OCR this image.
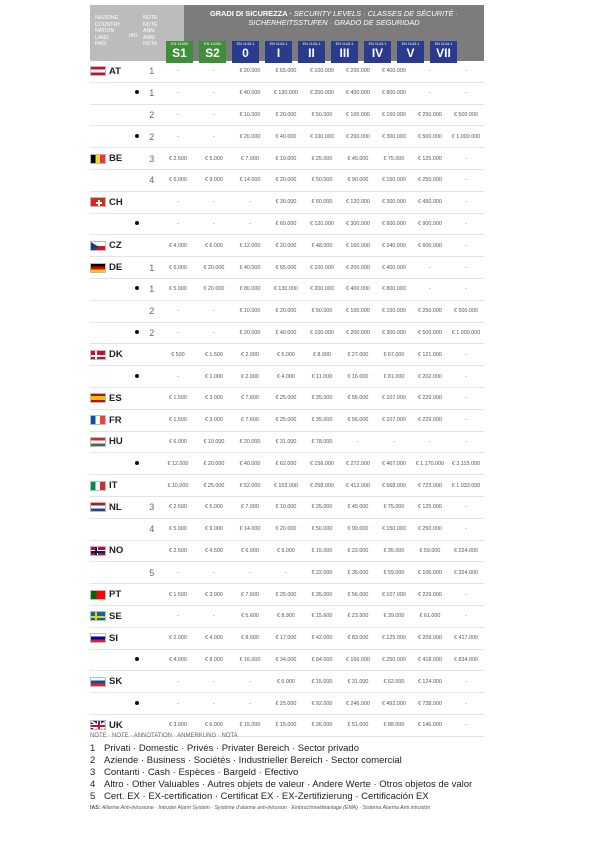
NAZIONE
COUNTRY
NATION
LAND
PAÍS
IAS
NOTE
NOTE
ANN.
ANM.
NOTA
GRADI DI SICUREZZA · SECURITY LEVELS · CLASSES DE SÉCURITÉ ·
SICHERHEITSSTUFEN · GRADO DE SEGURIDAD
EN 14450
S1
EN 14450
S2
EN 1143-1
0
EN 1143-1
I
EN 1143-1
II
EN 1143-1
III
EN 1143-1
IV
EN 1143-1
V
EN 1143-1
VII
AT		1	-	-	€ 20.000	€ 65.000	€ 100.000	€ 200.000	€ 400.000	-	-
		1	-	-	€ 40.000	€ 130.000	€ 200.000	€ 400.000	€ 800.000	-	-
		2	-	-	€ 10.000	€ 20.000	€ 50.000	€ 100.000	€ 150.000	€ 250.000	€ 500.000
		2	-	-	€ 20.000	€ 40.000	€ 100.000	€ 200.000	€ 300.000	€ 500.000	€ 1.000.000

BE		3	€ 2.500	€ 5.000	€ 7.000	€ 10.000	€ 25.000	€ 45.000	€ 75.000	€ 125.000	-
		4	€ 5.000	€ 9.000	€ 14.000	€ 20.000	€ 50.000	€ 90.000	€ 150.000	€ 250.000	-

CH			-	-	-	€ 30.000	€ 60.000	€ 120.000	€ 300.000	€ 450.000	-
			-	-	-	€ 60.000	€ 120.000	€ 300.000	€ 600.000	€ 900.000	-

CZ			€ 4.000	€ 6.000	€ 12.000	€ 20.000	€ 48.000	€ 160.000	€ 240.000	€ 600.000	-

DE		1	€ 5.000	€ 20.000	€ 40.000	€ 65.000	€ 100.000	€ 200.000	€ 400.000	-	-
		1	€ 5.000	€ 20.000	€ 80.000	€ 130.000	€ 200.000	€ 400.000	€ 800.000	-	-
		2	-	-	€ 10.000	€ 20.000	€ 50.000	€ 100.000	€ 150.000	€ 250.000	€ 500.000
		2	-	-	€ 20.000	€ 40.000	€ 100.000	€ 200.000	€ 300.000	€ 500.000	€ 1.000.000

DK			€ 500	€ 1.500	€ 2.000	€ 5.000	€ 8.000	€ 27.000	€ 67.000	€ 121.000	-
			-	€ 1.000	€ 2.000	€ 4.000	€ 11.000	€ 16.000	€ 81.000	€ 202.000	-

ES			€ 1.500	€ 3.000	€ 7.600	€ 25.000	€ 35.000	€ 56.000	€ 107.000	€ 229.000	-

FR			€ 1.500	€ 3.000	€ 7.600	€ 25.000	€ 35.000	€ 56.000	€ 107.000	€ 229.000	-

HU			€ 6.000	€ 10.000	€ 20.000	€ 31.000	€ 78.000	-	-	-	-
			€ 12.000	€ 20.000	€ 40.000	€ 62.000	€ 156.000	€ 272.000	€ 467.000	€ 1.170.000	€ 3.115.000

IT			€ 10.000	€ 25.000	€ 52.000	€ 103.000	€ 258.000	€ 413.000	€ 568.000	€ 723.000	€ 1.033.000

NL		3	€ 2.500	€ 5.000	€ 7.000	€ 10.000	€ 25.000	€ 45.000	€ 75.000	€ 125.000	-
		4	€ 5.000	€ 9.000	€ 14.000	€ 20.000	€ 50.000	€ 90.000	€ 150.000	€ 250.000	-

NO			€ 2.500	€ 4.500	€ 6.000	€ 9.000	€ 15.000	€ 22.000	€ 35.000	€ 59.000	€ 224.000
		5	-	-	-	-	€ 22.000	€ 35.000	€ 59.000	€ 106.000	€ 324.000

PT			€ 1.500	€ 3.000	€ 7.600	€ 25.000	€ 35.000	€ 56.000	€ 107.000	€ 229.000	-

SE			-	-	€ 5.600	€ 8.900	€ 15.600	€ 23.500	€ 39.000	€ 61.000	-

SI			€ 2.000	€ 4.000	€ 8.000	€ 17.000	€ 42.000	€ 83.000	€ 125.000	€ 209.000	€ 417.000
			€ 4.000	€ 8.000	€ 16.000	€ 34.000	€ 84.000	€ 166.000	€ 250.000	€ 418.000	€ 834.000

SK			-	-	-	€ 6.000	€ 15.000	€ 31.000	€ 62.000	€ 124.000	-
			-	-	-	€ 25.000	€ 92.000	€ 246.000	€ 492.000	€ 738.000	-

UK			€ 3.000	€ 6.000	€ 15.000	€ 15.000	€ 26.000	€ 51.000	€ 88.000	€ 146.000	-
NOTE · NOTE · ANNOTATION · ANMERKUNG · NOTA
1 Privati · Domestic · Privés · Privater Bereich · Sector privado
2 Aziende · Business · Sociétés · Industrieller Bereich · Sector comercial
3 Contanti · Cash · Espèces · Bargeld · Efectivo
4 Altro · Other Valuables · Autres objets de valeur · Andere Werte · Otros objetos de valor
5 Cert. EX · EX-certification · Certificat EX · EX-Zertifizierung · Certificación EX
IAS: Allarme Anti-intrusione · Intruder Alarm System · Système d'alarme anti-intrusion · Einbruchmeldeanlage (EMA) · Sistema Alarma Anti intrusión
